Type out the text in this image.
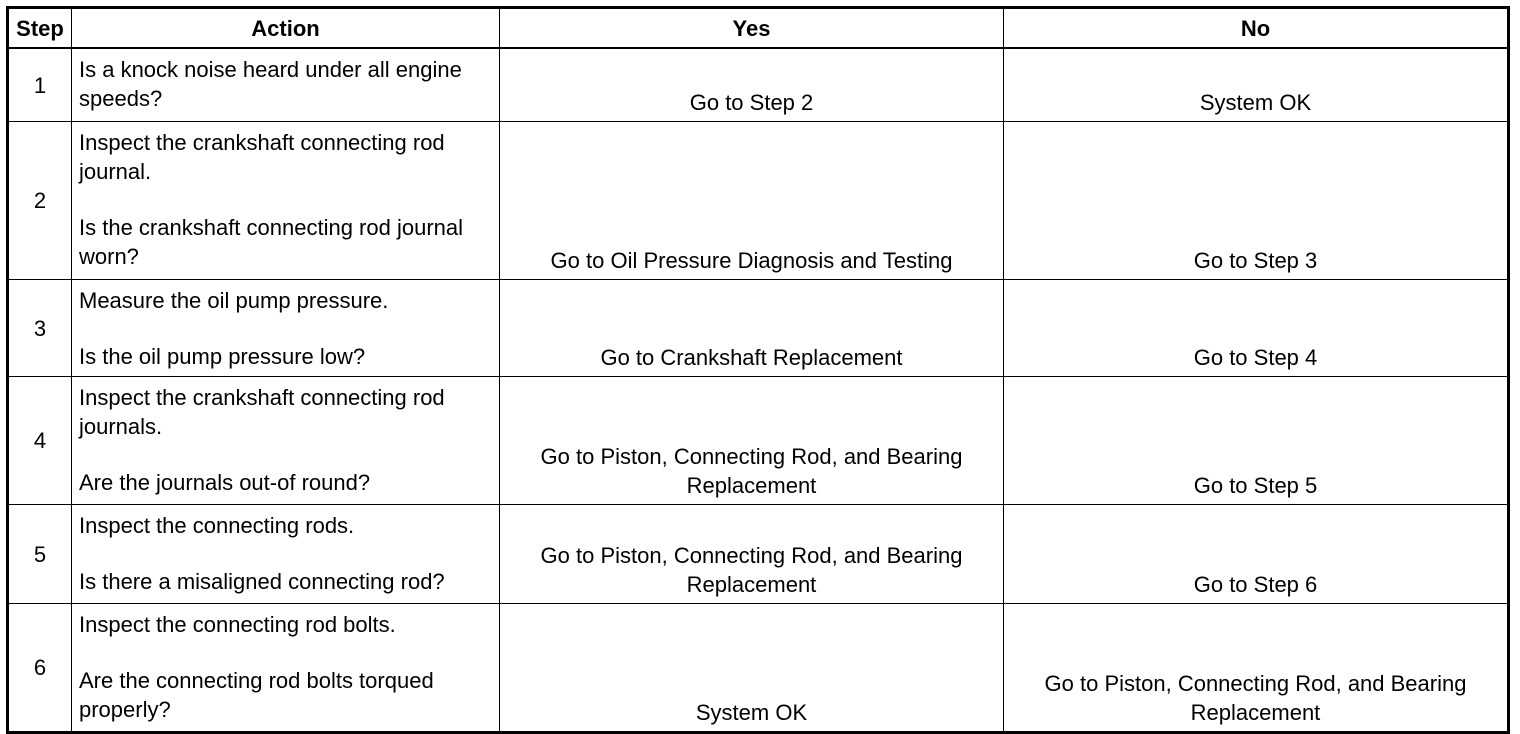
Step	Action	Yes	No
1	Is a knock noise heard under all engine speeds?	Go to Step 2	System OK
2	Inspect the crankshaft connecting rod journal.
Is the crankshaft connecting rod journal worn?	Go to Oil Pressure Diagnosis and Testing	Go to Step 3
3	Measure the oil pump pressure.
Is the oil pump pressure low?	Go to Crankshaft Replacement	Go to Step 4
4	Inspect the crankshaft connecting rod journals.
Are the journals out-of round?	Go to Piston, Connecting Rod, and Bearing Replacement	Go to Step 5
5	Inspect the connecting rods.
Is there a misaligned connecting rod?	Go to Piston, Connecting Rod, and Bearing Replacement	Go to Step 6
6	Inspect the connecting rod bolts.
Are the connecting rod bolts torqued properly?	System OK	Go to Piston, Connecting Rod, and Bearing Replacement
